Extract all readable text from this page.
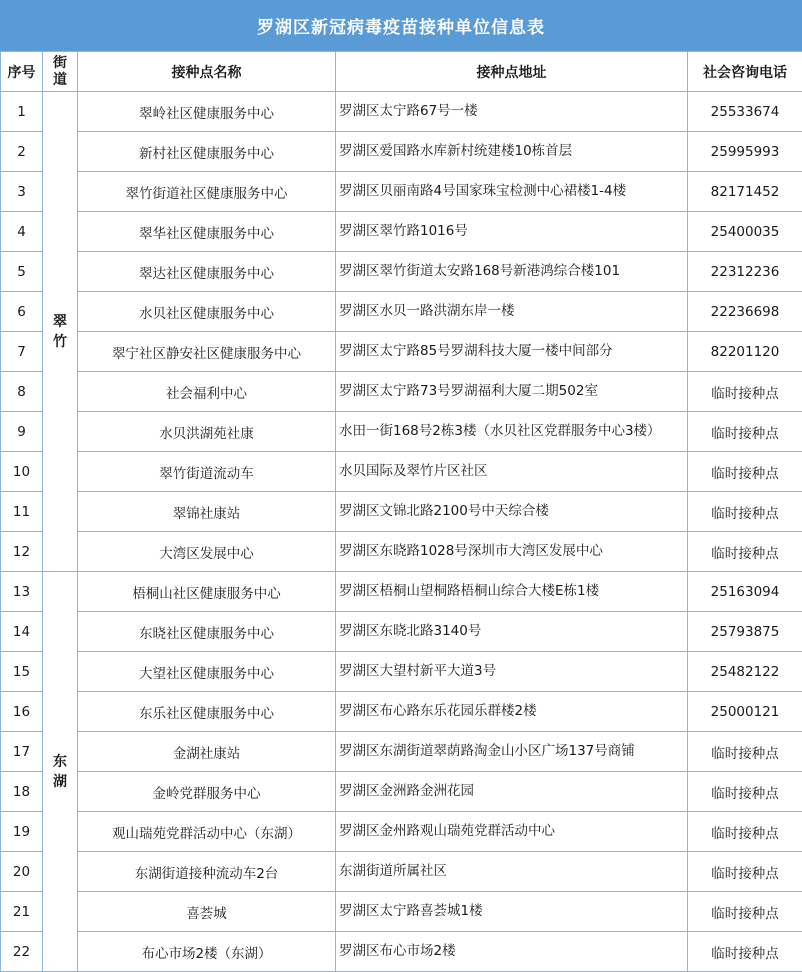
罗湖区新冠病毒疫苗接种单位信息表
序号	街道	接种点名称	接种点地址	社会咨询电话
1	翠竹	翠岭社区健康服务中心	罗湖区太宁路67号一楼	25533674
2		新村社区健康服务中心	罗湖区爱国路水库新村统建楼10栋首层	25995993
3		翠竹街道社区健康服务中心	罗湖区贝丽南路4号国家珠宝检测中心裙楼1-4楼	82171452
4		翠华社区健康服务中心	罗湖区翠竹路1016号	25400035
5		翠达社区健康服务中心	罗湖区翠竹街道太安路168号新港鸿综合楼101	22312236
6		水贝社区健康服务中心	罗湖区水贝一路洪湖东岸一楼	22236698
7		翠宁社区静安社区健康服务中心	罗湖区太宁路85号罗湖科技大厦一楼中间部分	82201120
8		社会福利中心	罗湖区太宁路73号罗湖福利大厦二期502室	临时接种点
9		水贝洪湖苑社康	水田一街168号2栋3楼（水贝社区党群服务中心3楼）	临时接种点
10		翠竹街道流动车	水贝国际及翠竹片区社区	临时接种点
11		翠锦社康站	罗湖区文锦北路2100号中天综合楼	临时接种点
12		大湾区发展中心	罗湖区东晓路1028号深圳市大湾区发展中心	临时接种点
13	东湖	梧桐山社区健康服务中心	罗湖区梧桐山望桐路梧桐山综合大楼E栋1楼	25163094
14		东晓社区健康服务中心	罗湖区东晓北路3140号	25793875
15		大望社区健康服务中心	罗湖区大望村新平大道3号	25482122
16		东乐社区健康服务中心	罗湖区布心路东乐花园乐群楼2楼	25000121
17		金湖社康站	罗湖区东湖街道翠荫路淘金山小区广场137号商铺	临时接种点
18		金岭党群服务中心	罗湖区金洲路金洲花园	临时接种点
19		观山瑞苑党群活动中心（东湖）	罗湖区金州路观山瑞苑党群活动中心	临时接种点
20		东湖街道接种流动车2台	东湖街道所属社区	临时接种点
21		喜荟城	罗湖区太宁路喜荟城1楼	临时接种点
22		布心市场2楼（东湖）	罗湖区布心市场2楼	临时接种点
